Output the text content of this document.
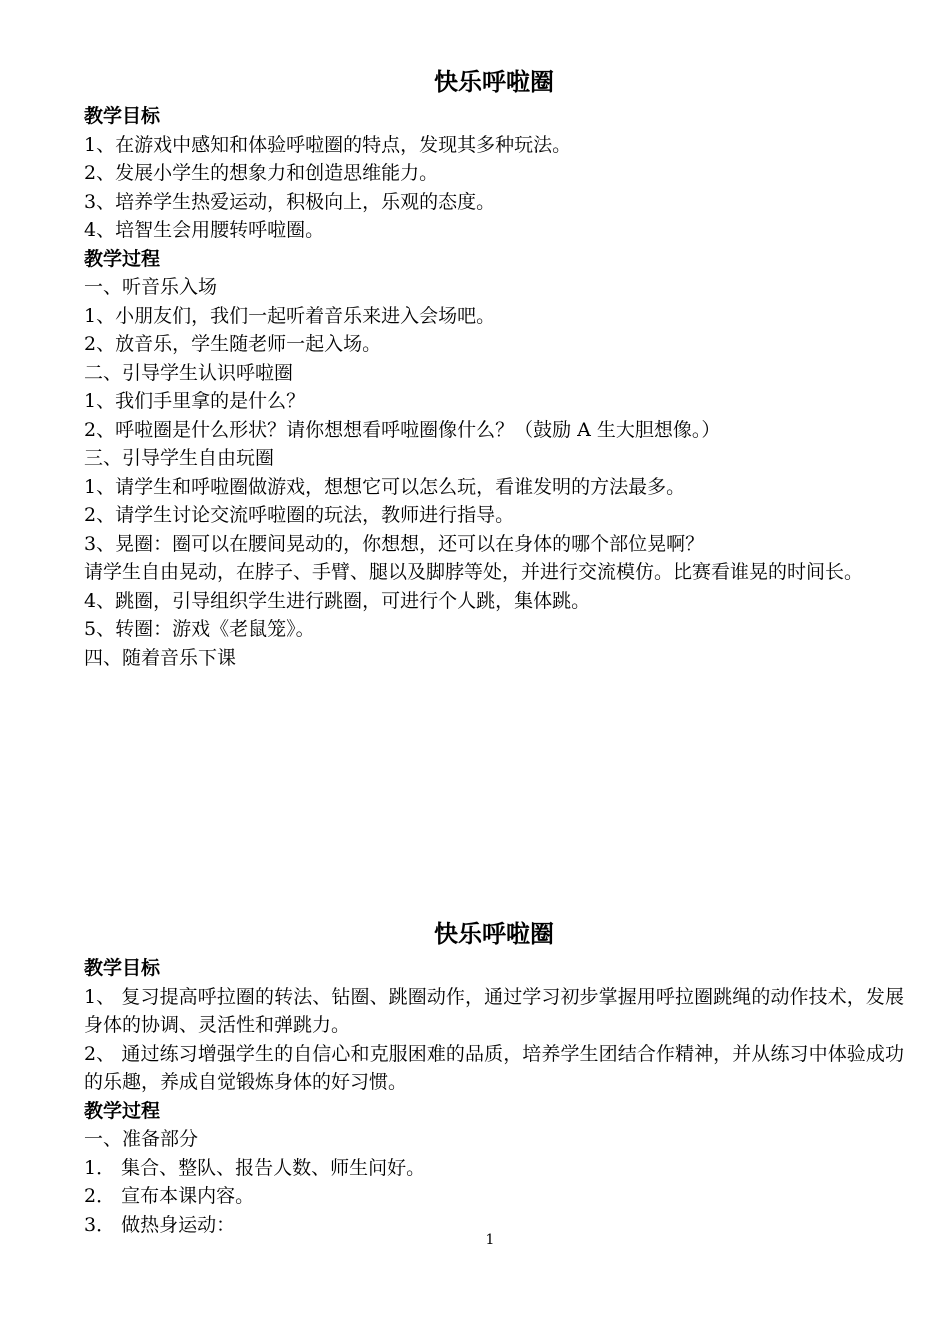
快乐呼啦圈
教学目标
1、在游戏中感知和体验呼啦圈的特点，发现其多种玩法。
2、发展小学生的想象力和创造思维能力。
3、培养学生热爱运动，积极向上，乐观的态度。
4、培智生会用腰转呼啦圈。
教学过程
一、听音乐入场
1、小朋友们，我们一起听着音乐来进入会场吧。
2、放音乐，学生随老师一起入场。
二、引导学生认识呼啦圈
1、我们手里拿的是什么？
2、呼啦圈是什么形状？请你想想看呼啦圈像什么？（鼓励 A 生大胆想像。）
三、引导学生自由玩圈
1、请学生和呼啦圈做游戏，想想它可以怎么玩，看谁发明的方法最多。
2、请学生讨论交流呼啦圈的玩法，教师进行指导。
3、晃圈：圈可以在腰间晃动的，你想想，还可以在身体的哪个部位晃啊？
请学生自由晃动，在脖子、手臂、腿以及脚脖等处，并进行交流模仿。比赛看谁晃的时间长。
4、跳圈，引导组织学生进行跳圈，可进行个人跳，集体跳。
5、转圈：游戏《老鼠笼》。
四、随着音乐下课
快乐呼啦圈
教学目标
1、 复习提高呼拉圈的转法、钻圈、跳圈动作，通过学习初步掌握用呼拉圈跳绳的动作技术，发展身体的协调、灵活性和弹跳力。
2、 通过练习增强学生的自信心和克服困难的品质，培养学生团结合作精神，并从练习中体验成功的乐趣，养成自觉锻炼身体的好习惯。
教学过程
一、准备部分
1． 集合、整队、报告人数、师生问好。
2． 宣布本课内容。
3． 做热身运动：
1
